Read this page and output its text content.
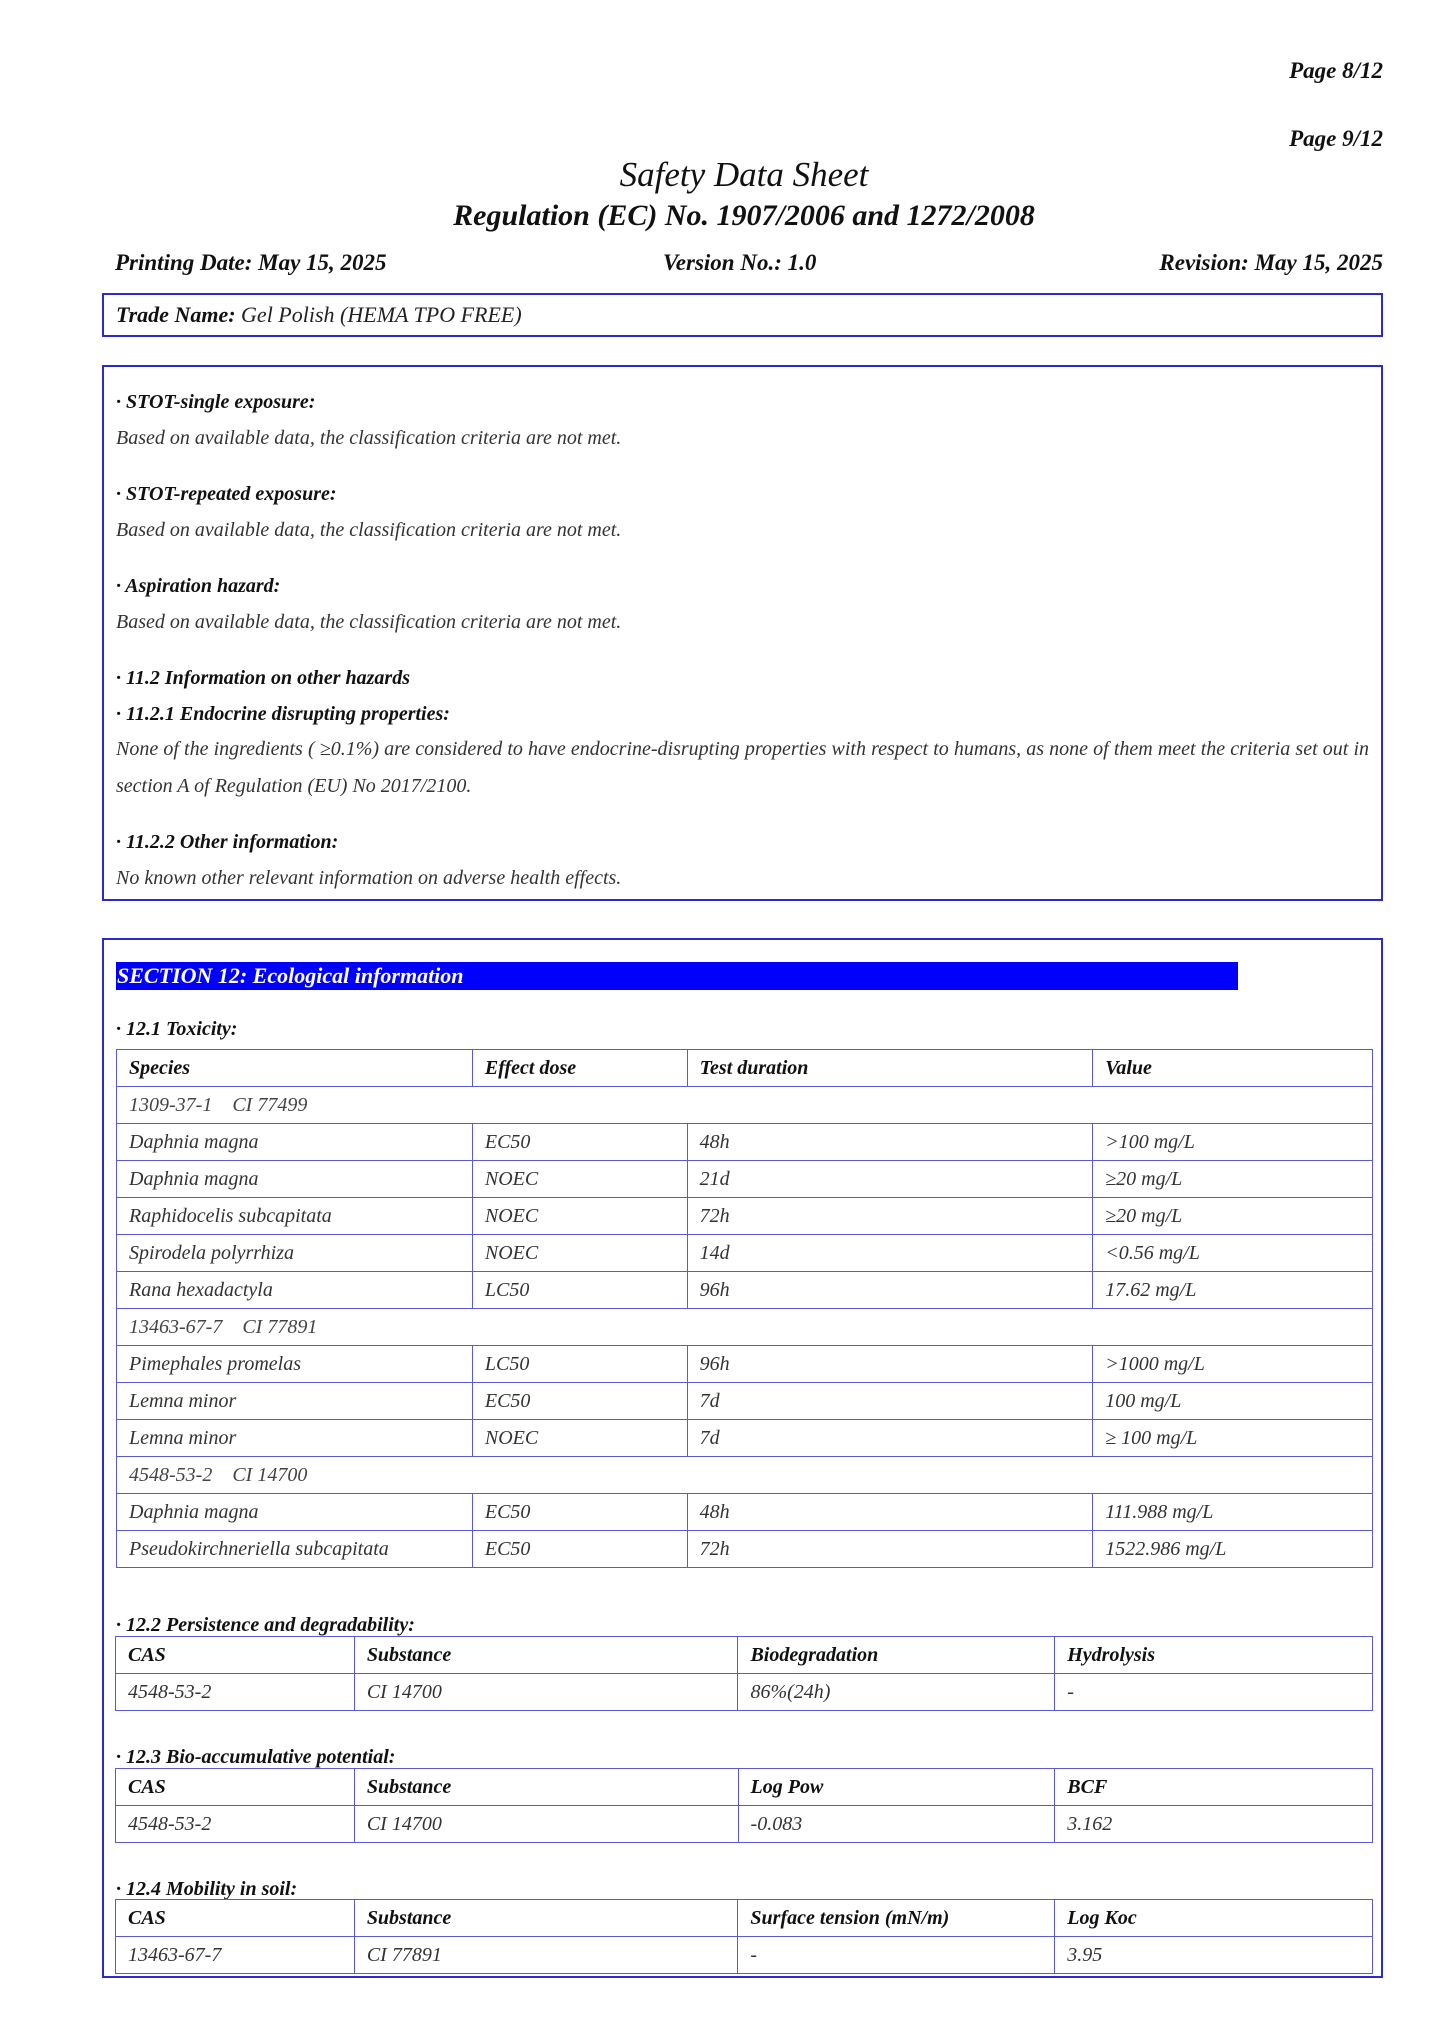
Page 8/12
Page 9/12
Safety Data Sheet
Regulation (EC) No. 1907/2006 and 1272/2008
Printing Date: May 15, 2025	Version No.: 1.0	Revision: May 15, 2025
Trade Name: Gel Polish (HEMA TPO FREE)
· STOT-single exposure:
Based on available data, the classification criteria are not met.
· STOT-repeated exposure:
Based on available data, the classification criteria are not met.
· Aspiration hazard:
Based on available data, the classification criteria are not met.
· 11.2 Information on other hazards
· 11.2.1 Endocrine disrupting properties:
None of the ingredients ( ≥0.1%) are considered to have endocrine-disrupting properties with respect to humans, as none of them meet the criteria set out in section A of Regulation (EU) No 2017/2100.
· 11.2.2 Other information:
No known other relevant information on adverse health effects.
SECTION 12: Ecological information
· 12.1 Toxicity:
Species	Effect dose	Test duration	Value
1309-37-1    CI 77499			
Daphnia magna	EC50	48h	>100 mg/L
Daphnia magna	NOEC	21d	≥20 mg/L
Raphidocelis subcapitata	NOEC	72h	≥20 mg/L
Spirodela polyrrhiza	NOEC	14d	<0.56 mg/L
Rana hexadactyla	LC50	96h	17.62 mg/L
13463-67-7    CI 77891			
Pimephales promelas	LC50	96h	>1000 mg/L
Lemna minor	EC50	7d	100 mg/L
Lemna minor	NOEC	7d	≥ 100 mg/L
4548-53-2    CI 14700			
Daphnia magna	EC50	48h	111.988 mg/L
Pseudokirchneriella subcapitata	EC50	72h	1522.986 mg/L
· 12.2 Persistence and degradability:
CAS	Substance	Biodegradation	Hydrolysis
4548-53-2	CI 14700	86%(24h)	-
· 12.3 Bio-accumulative potential:
CAS	Substance	Log Pow	BCF
4548-53-2	CI 14700	-0.083	3.162
· 12.4 Mobility in soil:
CAS	Substance	Surface tension (mN/m)	Log Koc
13463-67-7	CI 77891	-	3.95
